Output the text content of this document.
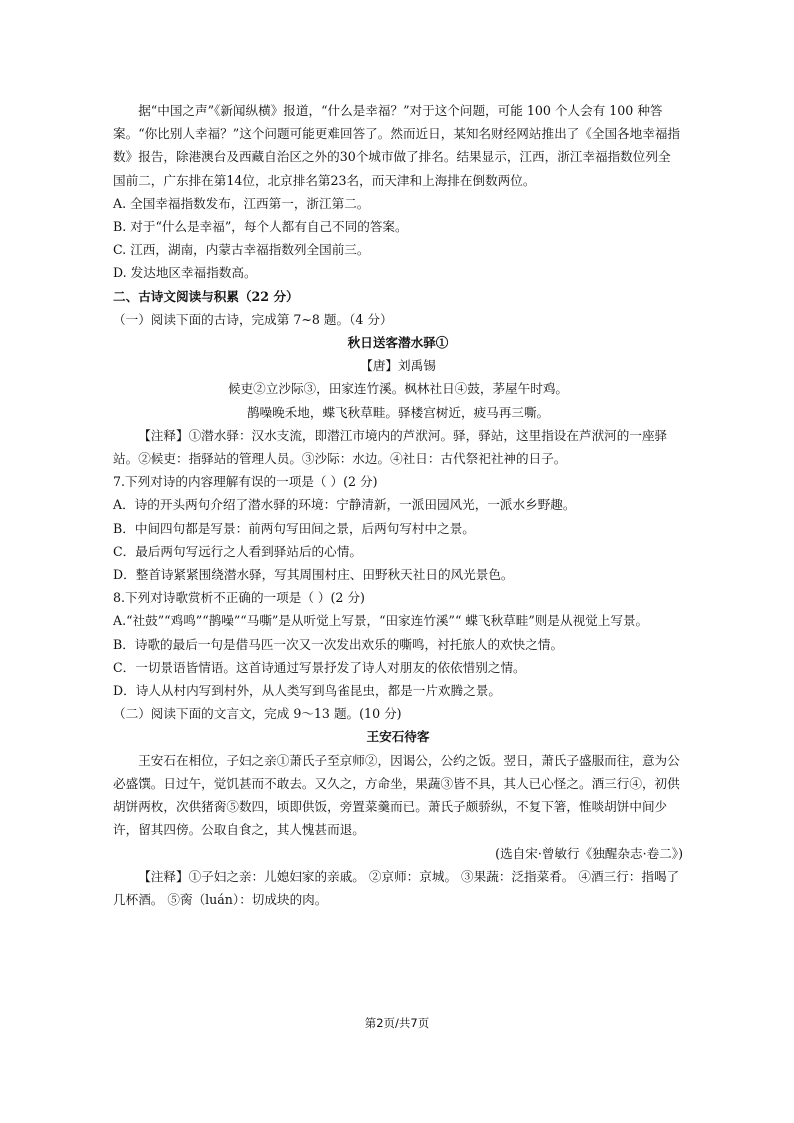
据“中国之声”《新闻纵横》报道，“什么是幸福？”对于这个问题，可能 100 个人会有 100 种答案。“你比别人幸福？”这个问题可能更难回答了。然而近日，某知名财经网站推出了《全国各地幸福指数》报告，除港澳台及西藏自治区之外的30个城市做了排名。结果显示，江西，浙江幸福指数位列全国前二，广东排在第14位，北京排名第23名，而天津和上海排在倒数两位。

A. 全国幸福指数发布，江西第一，浙江第二。

B. 对于“什么是幸福”，每个人都有自己不同的答案。

C. 江西，湖南，内蒙古幸福指数列全国前三。

D. 发达地区幸福指数高。

二、古诗文阅读与积累（22 分）

（一）阅读下面的古诗，完成第 7~8 题。（4 分）

秋日送客潜水驿①

【唐】刘禹锡

候吏②立沙际③，田家连竹溪。枫林社日④鼓，茅屋午时鸡。

鹊噪晚禾地，蝶飞秋草畦。驿楼宫树近，疲马再三嘶。

【注释】①潜水驿：汉水支流，即潜江市境内的芦洑河。驿，驿站，这里指设在芦洑河的一座驿站。②候吏：指驿站的管理人员。③沙际：水边。④社日：古代祭祀社神的日子。

7.下列对诗的内容理解有误的一项是（ ）(2 分)

A．诗的开头两句介绍了潜水驿的环境：宁静清新，一派田园风光，一派水乡野趣。

B．中间四句都是写景：前两句写田间之景，后两句写村中之景。

C．最后两句写远行之人看到驿站后的心情。

D．整首诗紧紧围绕潜水驿，写其周围村庄、田野秋天社日的风光景色。

8.下列对诗歌赏析不正确的一项是（ ）(2 分)

A.“社鼓”“鸡鸣”“鹊噪”“马嘶”是从听觉上写景，“田家连竹溪”“ 蝶飞秋草畦”则是从视觉上写景。

B．诗歌的最后一句是借马匹一次又一次发出欢乐的嘶鸣，衬托旅人的欢快之情。

C．一切景语皆情语。这首诗通过写景抒发了诗人对朋友的依依惜别之情。

D．诗人从村内写到村外，从人类写到鸟雀昆虫，都是一片欢腾之景。

（二）阅读下面的文言文，完成 9～13 题。(10 分)

王安石待客

王安石在相位，子妇之亲①萧氏子至京师②，因谒公，公约之饭。翌日，萧氏子盛服而往，意为公必盛馔。日过午，觉饥甚而不敢去。又久之，方命坐，果蔬③皆不具，其人已心怪之。酒三行④，初供胡饼两枚，次供猪脔⑤数四，顷即供饭，旁置菜羹而已。萧氏子颇骄纵，不复下箸，惟啖胡饼中间少许，留其四傍。公取自食之，其人愧甚而退。

(选自宋·曾敏行《独醒杂志·卷二》)

【注释】①子妇之亲：儿媳妇家的亲戚。 ②京师：京城。 ③果蔬：泛指菜肴。 ④酒三行：指喝了几杯酒。 ⑤脔（luán）：切成块的肉。

第2页/共7页
